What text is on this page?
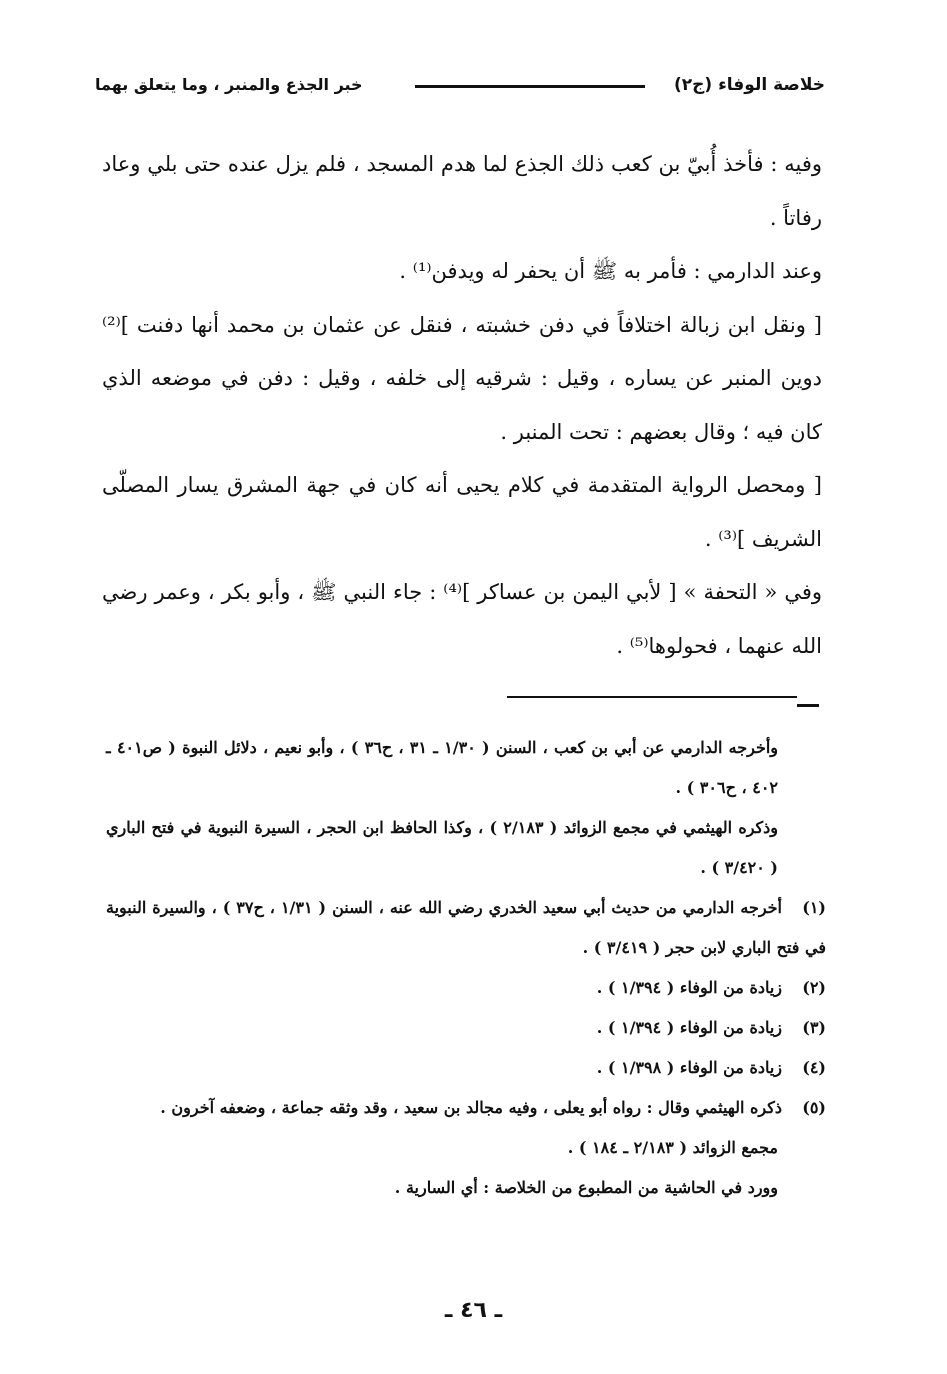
خلاصة الوفاء (ج٢)
خبر الجذع والمنبر ، وما يتعلق بهما

وفيه : فأخذ أُبيّ بن كعب ذلك الجذع لما هدم المسجد ، فلم يزل عنده حتى بلي وعاد رفاتاً .

وعند الدارمي : فأمر به ﷺ أن يحفر له ويدفن⁽¹⁾ .

[ ونقل ابن زبالة اختلافاً في دفن خشبته ، فنقل عن عثمان بن محمد أنها دفنت ]⁽²⁾ دوين المنبر عن يساره ، وقيل : شرقيه إلى خلفه ، وقيل : دفن في موضعه الذي كان فيه ؛ وقال بعضهم : تحت المنبر .

[ ومحصل الرواية المتقدمة في كلام يحيى أنه كان في جهة المشرق يسار المصلّى الشريف ]⁽³⁾ .

وفي « التحفة » [ لأبي اليمن بن عساكر ]⁽⁴⁾ : جاء النبي ﷺ ، وأبو بكر ، وعمر رضي الله عنهما ، فحولوها⁽⁵⁾ .

وأخرجه الدارمي عن أبي بن كعب ، السنن ( ١/٣٠ ـ ٣١ ، ح٣٦ ) ، وأبو نعيم ، دلائل النبوة ( ص٤٠١ ـ ٤٠٢ ، ح٣٠٦ ) .

وذكره الهيثمي في مجمع الزوائد ( ٢/١٨٣ ) ، وكذا الحافظ ابن الحجر ، السيرة النبوية في فتح الباري ( ٣/٤٢٠ ) .

(١)أخرجه الدارمي من حديث أبي سعيد الخدري رضي الله عنه ، السنن ( ١/٣١ ، ح٣٧ ) ، والسيرة النبوية في فتح الباري لابن حجر ( ٣/٤١٩ ) .

(٢)زيادة من الوفاء ( ١/٣٩٤ ) .

(٣)زيادة من الوفاء ( ١/٣٩٤ ) .

(٤)زيادة من الوفاء ( ١/٣٩٨ ) .

(٥)ذكره الهيثمي وقال : رواه أبو يعلى ، وفيه مجالد بن سعيد ، وقد وثقه جماعة ، وضعفه آخرون .

مجمع الزوائد ( ٢/١٨٣ ـ ١٨٤ ) .

وورد في الحاشية من المطبوع من الخلاصة : أي السارية .

ـ ٤٦ ـ
